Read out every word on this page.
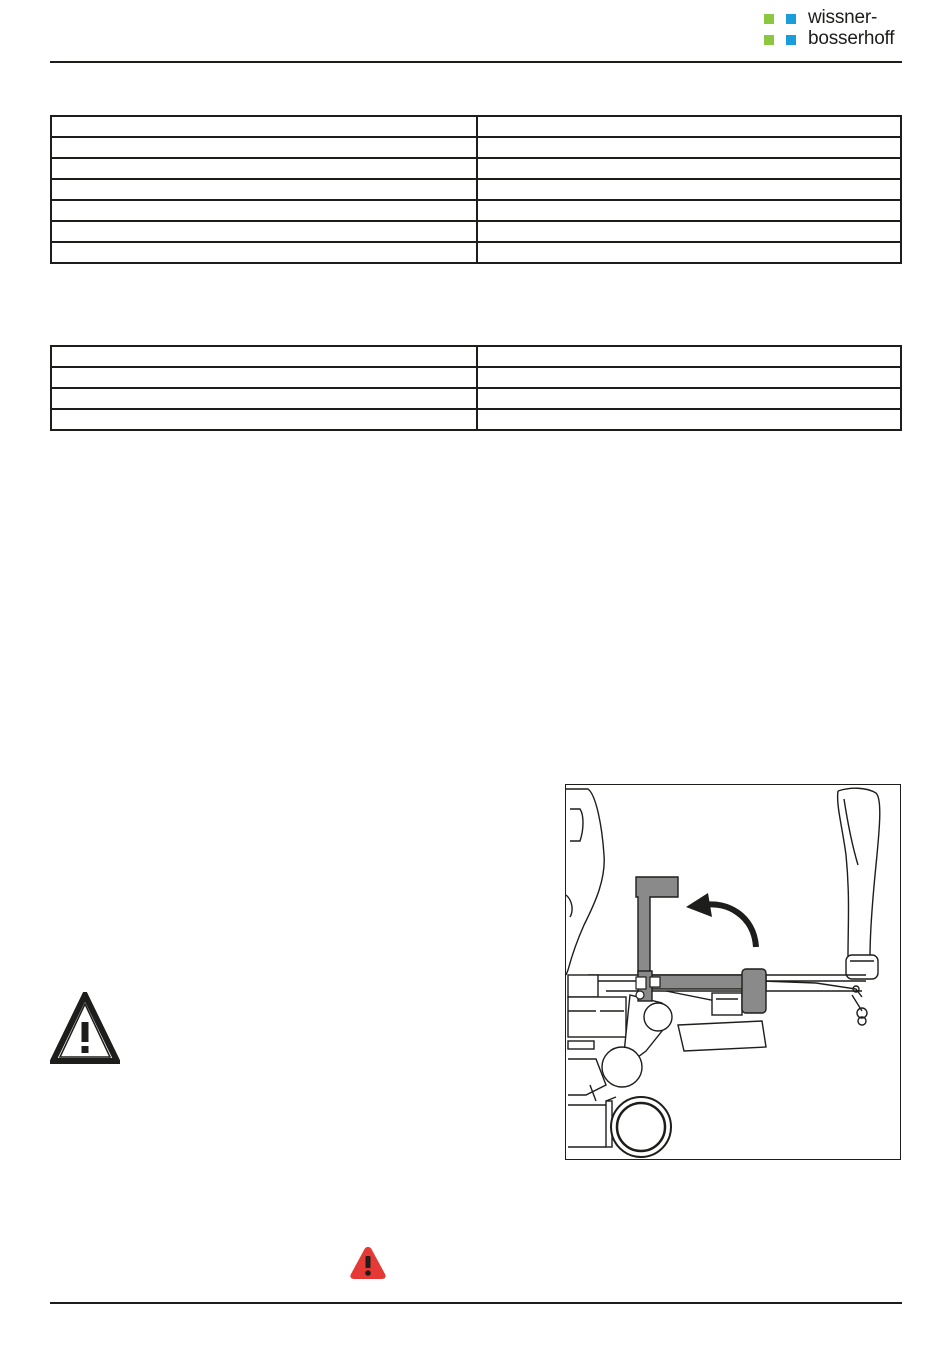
wissner-
bosserhoff
